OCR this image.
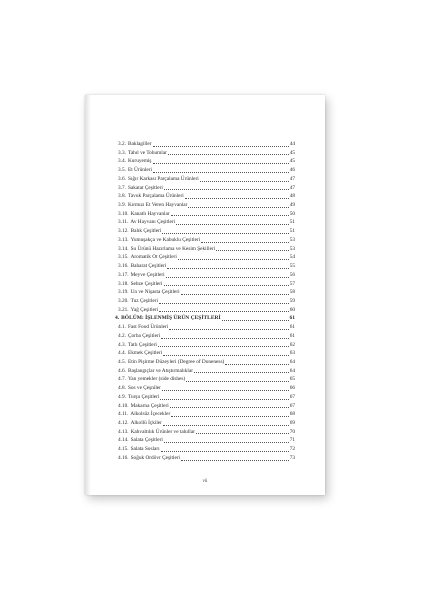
3.2. Baklagiller	44
3.3. Tahıl ve Tohumlar	45
3.4. Kuruyemiş	45
3.5. Et Ürünleri	46
3.6. Sığır Karkası Parçalama Ürünleri	47
3.7. Sakatat Çeşitleri	47
3.8. Tavuk Parçalama Ürünleri	48
3.9. Kırmızı Et Veren Hayvanlar	49
3.10. Kanatlı Hayvanlar	50
3.11. Av Hayvanı Çeşitleri	51
3.12. Balık Çeşitleri	51
3.13. Yumuşakça ve Kabuklu Çeşitleri	53
3.14. Su Ürünü Hazırlama ve Kesim Şekilleri	53
3.15. Aromatik Ot Çeşitleri	54
3.16. Baharat Çeşitleri	55
3.17. Meyve Çeşitleri	56
3.18. Sebze Çeşitleri	57
3.19. Un ve Nişasta Çeşitleri	58
3.20. Tuz Çeşitleri	59
3.21. Yağ Çeşitleri	60
4. BÖLÜM: İŞLENMİŞ ÜRÜN ÇEŞİTLERİ	61
4.1. Fast Food Ürünleri	61
4.2. Çorba Çeşitleri	61
4.3. Tatlı Çeşitleri	62
4.4. Ekmek Çeşitleri	63
4.5. Etin Pişirme Düzeyleri (Degree of Doneness)	64
4.6. Başlangıçlar ve Atıştırmalıklar	64
4.7. Yan yemekler (side dishes)	65
4.8. Sos ve Çeşniler	66
4.9. Turşu Çeşitleri	67
4.10. Makarna Çeşitleri	67
4.11. Alkolsüz İçecekler	68
4.12. Alkollü İçkiler	69
4.13. Kahvaltılık Ürünler ve tahıllar	70
4.14. Salata Çeşitleri	71
4.15. Salata Sosları	72
4.16. Soğuk Ordövr Çeşitleri	73
vii
